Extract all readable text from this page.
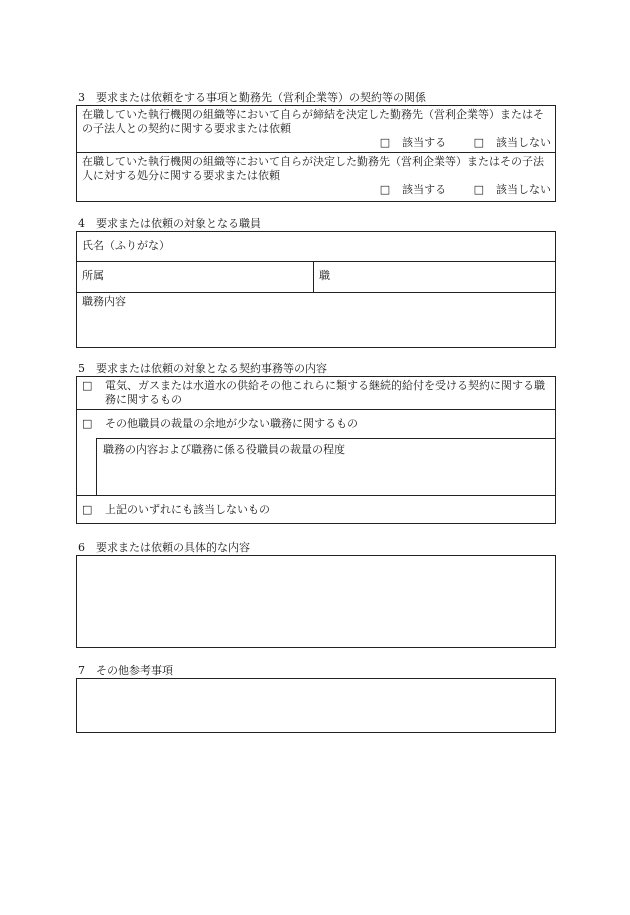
3　要求または依頼をする事項と勤務先（営利企業等）の契約等の関係
在職していた執行機関の組織等において自らが締結を決定した勤務先（営利企業等）またはその子法人との契約に関する要求または依頼
□ 該当する	□ 該当しない
在職していた執行機関の組織等において自らが決定した勤務先（営利企業等）またはその子法人に対する処分に関する要求または依頼
□ 該当する	□ 該当しない
4　要求または依頼の対象となる職員
氏名（ふりがな）
所属	職
職務内容
5　要求または依頼の対象となる契約事務等の内容
□ 電気、ガスまたは水道水の供給その他これらに類する継続的給付を受ける契約に関する職務に関するもの
□ その他職員の裁量の余地が少ない職務に関するもの
職務の内容および職務に係る役職員の裁量の程度
□ 上記のいずれにも該当しないもの
6　要求または依頼の具体的な内容
7　その他参考事項
